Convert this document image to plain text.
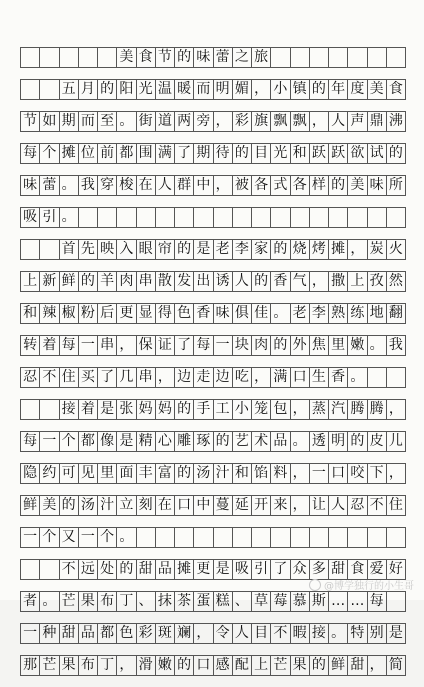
美 食 节 的 味 蕾 之 旅
五 月 的 阳 光 温 暖 而 明 媚 ， 小 镇 的 年 度 美 食
节 如 期 而 至 。 街 道 两 旁 ， 彩 旗 飘 飘 ， 人 声 鼎 沸
每 个 摊 位 前 都 围 满 了 期 待 的 目 光 和 跃 跃 欲 试 的
味 蕾 。 我 穿 梭 在 人 群 中 ， 被 各 式 各 样 的 美 味 所
吸 引 。
首 先 映 入 眼 帘 的 是 老 李 家 的 烧 烤 摊 ， 炭 火
上 新 鲜 的 羊 肉 串 散 发 出 诱 人 的 香 气 ， 撒 上 孜 然
和 辣 椒 粉 后 更 显 得 色 香 味 俱 佳 。 老 李 熟 练 地 翻
转 着 每 一 串 ， 保 证 了 每 一 块 肉 的 外 焦 里 嫩 。 我
忍 不 住 买 了 几 串 ， 边 走 边 吃 ， 满 口 生 香 。
接 着 是 张 妈 妈 的 手 工 小 笼 包 ， 蒸 汽 腾 腾 ，
每 一 个 都 像 是 精 心 雕 琢 的 艺 术 品 。 透 明 的 皮 儿
隐 约 可 见 里 面 丰 富 的 汤 汁 和 馅 料 ， 一 口 咬 下 ，
鲜 美 的 汤 汁 立 刻 在 口 中 蔓 延 开 来 ， 让 人 忍 不 住
一 个 又 一 个 。
不 远 处 的 甜 品 摊 更 是 吸 引 了 众 多 甜 食 爱 好
者 。 芒 果 布 丁 、 抹 茶 蛋 糕 、 草 莓 慕 斯 … … 每
一 种 甜 品 都 色 彩 斑 斓 ， 令 人 目 不 暇 接 。 特 别 是
那 芒 果 布 丁 ， 滑 嫩 的 口 感 配 上 芒 果 的 鲜 甜 ， 简
@博学独行的小生哥
